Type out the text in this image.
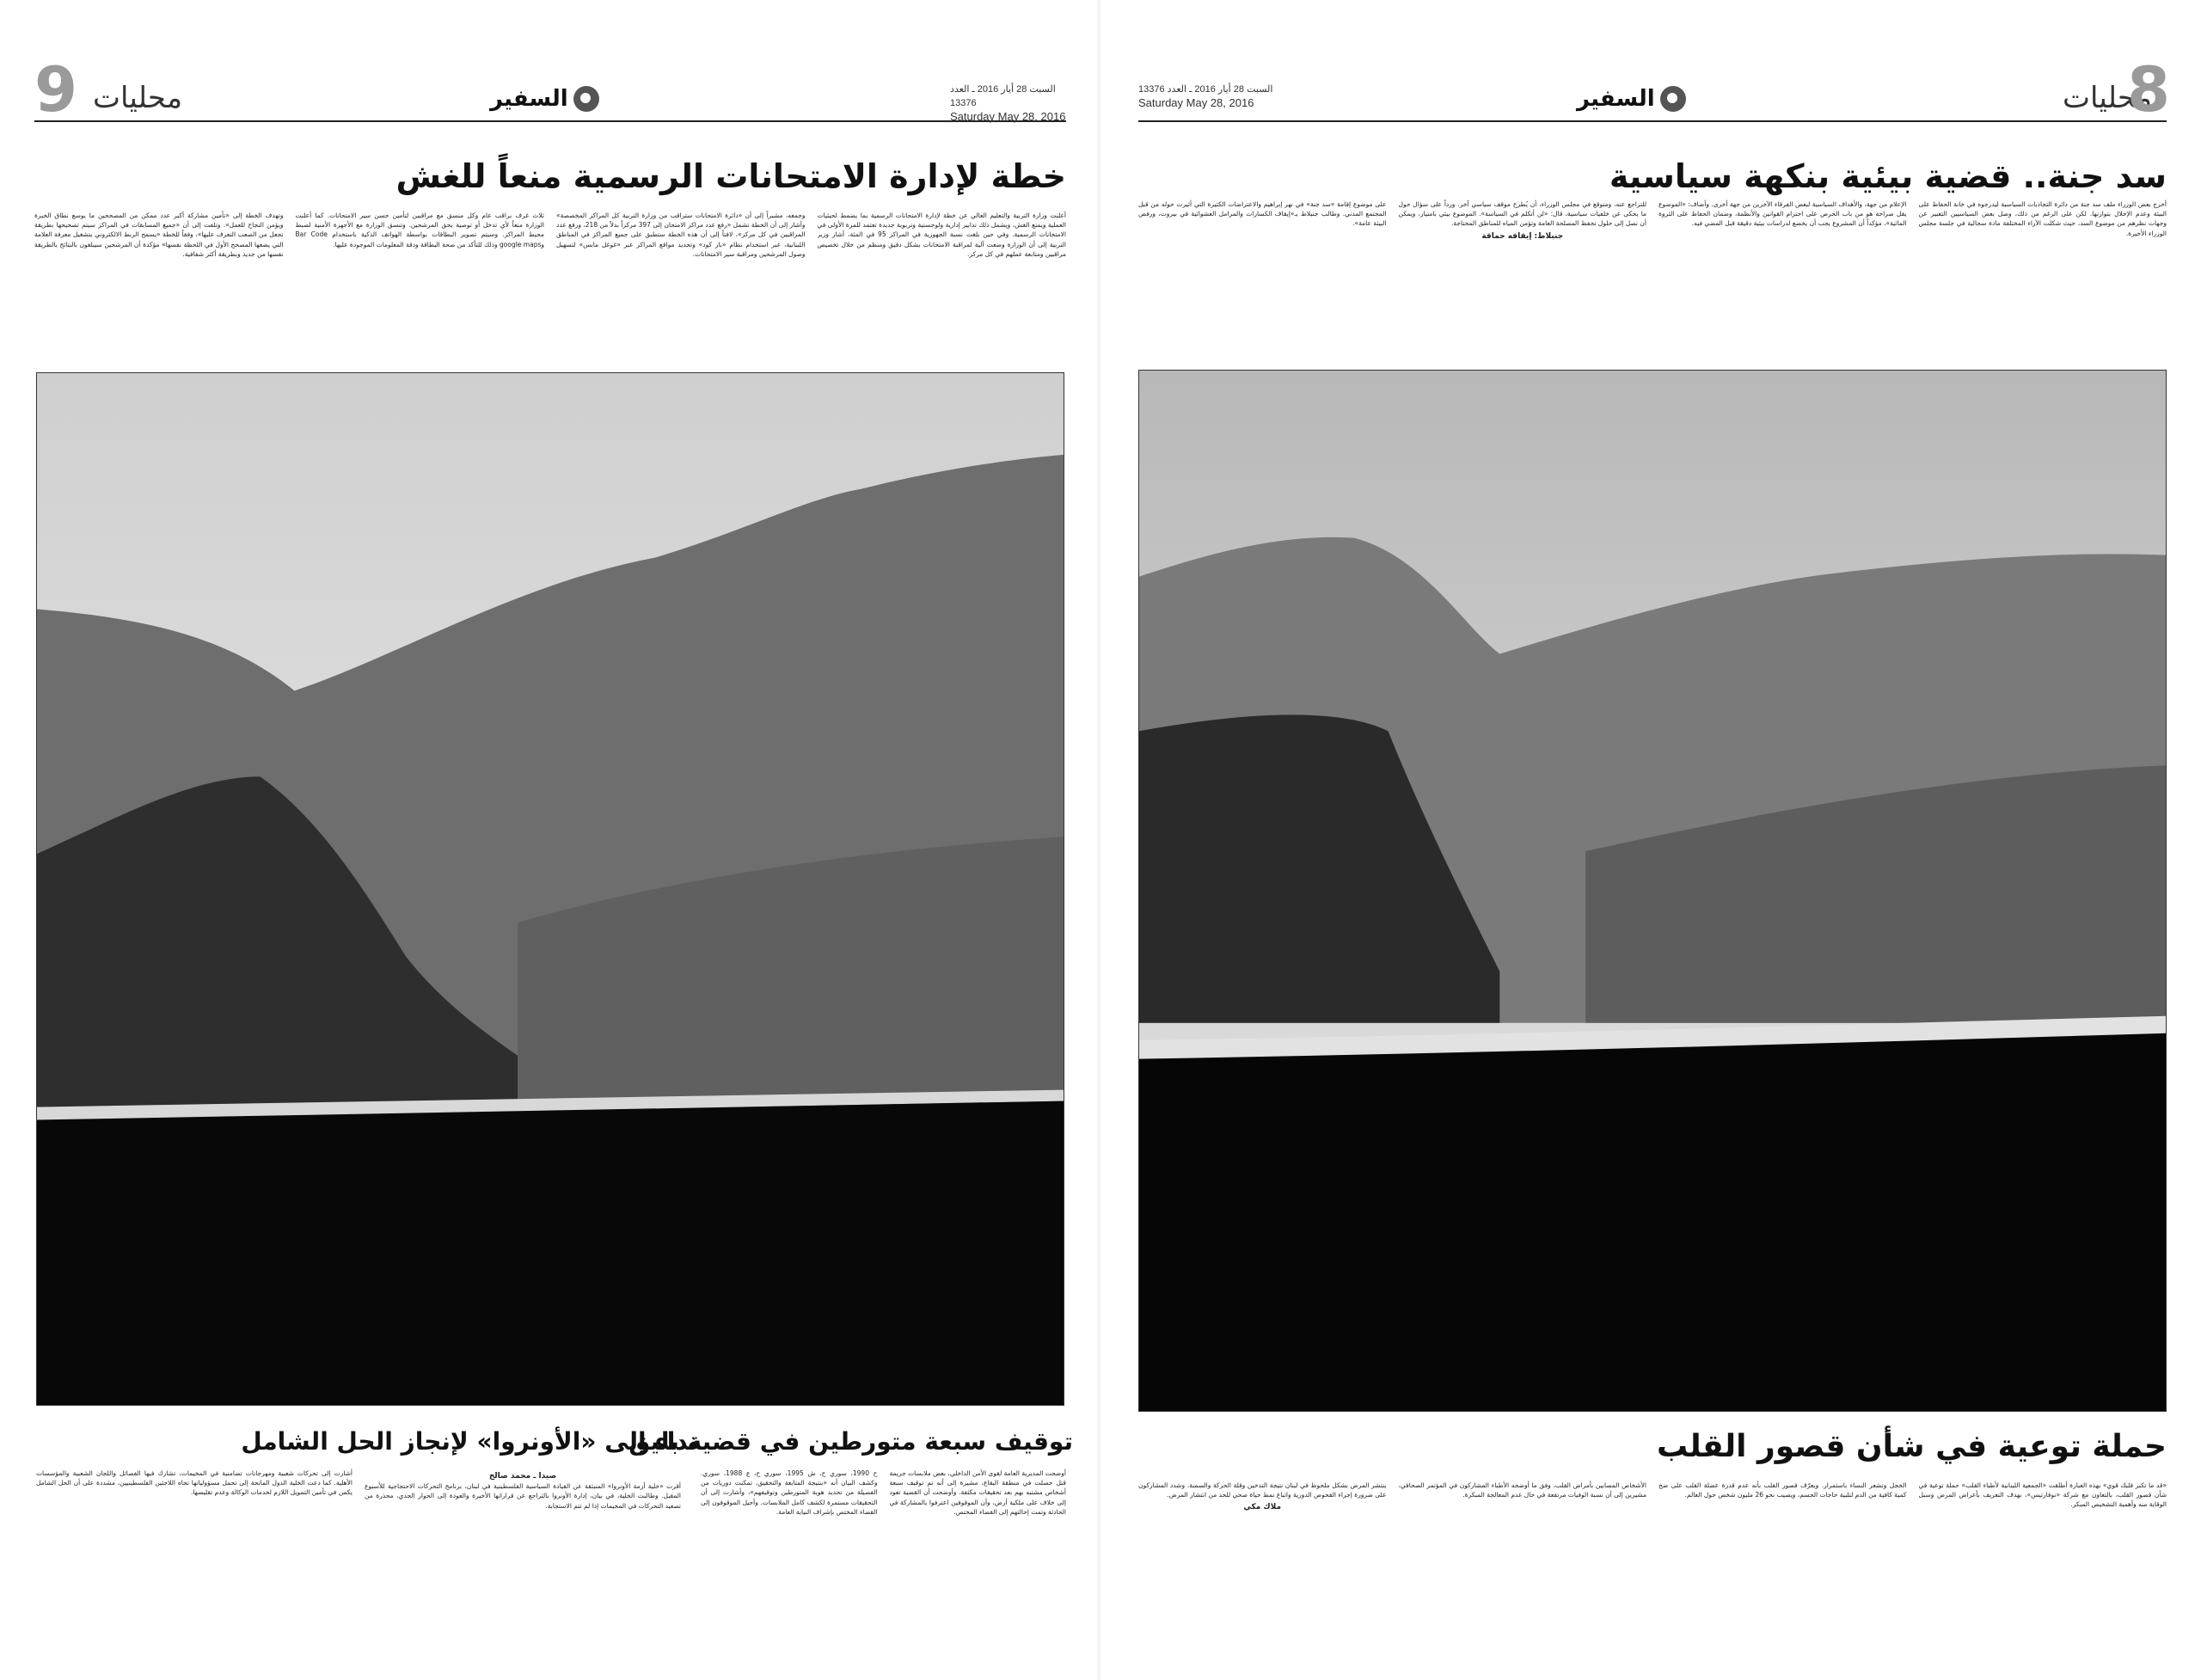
9 محليات	السفير	السبت 28 أيار 2016 ـ العدد 13376
Saturday May 28, 2016
خطة لإدارة الامتحانات الرسمية منعاً للغش
أعلنت وزارة التربية والتعليم العالي عن خطة لإدارة الامتحانات الرسمية بما يضمط لحيثيات العملية ويمنع الغش، ويشمل ذلك تدابير إدارية ولوجستية وتربوية جديدة تعتمد للمرة الأولى في الامتحانات الرسمية. وفي حين بلغت نسبة الجهوزية في المراكز 95 في المئة، أشار وزير التربية إلى أن الوزارة وضعت آلية لمراقبة الامتحانات بشكل دقيق ومنظم من خلال تخصيص مراقبين ومتابعة عملهم في كل مركز.
وجمعه، مشيراً إلى أن «دائرة الامتحانات ستراقب من وزارة التربية كل المراكز المخصصة» وأشار إلى أن الخطة تشمل «رفع عدد مراكز الامتحان إلى 397 مركزاً بدلاً من 218، ورفع عدد المراقبين في كل مركز»، لافتاً إلى أن هذه الخطة ستطبق على جميع المراكز في المناطق اللبنانية، عبر استخدام نظام «بار كود» وتحديد مواقع المراكز عبر «غوغل مابس» لتسهيل وصول المرشحين ومراقبة سير الامتحانات.
ثلاث غرف براقب عام وكل منسق مع مراقبين لتأمين حسن سير الامتحانات. كما أعلنت الوزارة منعاً لأي تدخل أو توصية بحق المرشحين. وتنسق الوزارة مع الأجهزة الأمنية لضبط محيط المراكز. وسيتم تصوير البطاقات بواسطة الهواتف الذكية باستخدام Bar Code وgoogle maps وذلك للتأكد من صحة البطاقة ودقة المعلومات الموجودة عليها.
وتهدف الخطة إلى «تأمين مشاركة أكبر عدد ممكن من المصححين ما يوسع نطاق الخبرة ويؤمن النجاح للعمل». وتلفت إلى أن «جميع المسابقات في المراكز سيتم تصحيحها بطريقة تجعل من الصعب التعرف عليها»، وفقاً للخطة «يسمح الربط الالكتروني بتشغيل معرفة العلامة التي يضعها المصحح الأول في اللحظة نفسها» مؤكدة أن المرشحين سيبلغون بالنتائج بالطريقة نفسها من جديد وبطريقة أكثر شفافية.
توقيف سبعة متورطين في قضية بليق
أوضحت المديرية العامة لقوى الأمن الداخلي، بعض ملابسات جريمة قتل حصلت في منطقة البقاع، مشيرة إلى أنه تم توقيف سبعة أشخاص مشتبه بهم بعد تحقيقات مكثفة. وأوضحت أن القضية تعود إلى خلاف على ملكية أرض، وأن الموقوفين اعترفوا بالمشاركة في الحادثة وتمت إحالتهم إلى القضاء المختص.
ح 1990، سوري ح، ش 1995، سوري ح، ع 1988، سوري. وكشف البيان أنه «بنتيجة المتابعة والتحقيق، تمكنت دوريات من الفصيلة من تحديد هوية المتورطين وتوقيفهم»، وأشارت إلى أن التحقيقات مستمرة لكشف كامل الملابسات. وأحيل الموقوفون إلى القضاء المختص بإشراف النيابة العامة.
نداء إلى «الأونروا» لإنجاز الحل الشامل
صيدا ـ محمد صالح
أقرت «خلية أزمة الأونروا» المنبثقة عن القيادة السياسية الفلسطينية في لبنان، برنامج التحركات الاحتجاجية للأسبوع المقبل. وطالبت الخلية، في بيان، إدارة الأونروا بالتراجع عن قراراتها الأخيرة والعودة إلى الحوار الجدي، محذرة من تصعيد التحركات في المخيمات إذا لم تتم الاستجابة.
أشارت إلى تحركات شعبية ومهرجانات تضامنية في المخيمات، تشارك فيها الفصائل واللجان الشعبية والمؤسسات الأهلية. كما دعت الخلية الدول المانحة إلى تحمل مسؤولياتها تجاه اللاجئين الفلسطينيين، مشددة على أن الحل الشامل يكمن في تأمين التمويل اللازم لخدمات الوكالة وعدم تقليصها.
السبت 28 أيار 2016 ـ العدد 13376
Saturday May 28, 2016	السفير	محليات
8
سد جنة.. قضية بيئية بنكهة سياسية
أخرج بعض الوزراء ملف سد جنة من دائرة التجاذبات السياسية ليدرجوه في خانة الحفاظ على البيئة وعدم الإخلال بتوازنها. لكن على الرغم من ذلك، وصل بعض السياسيين التعبير عن وجهات نظرهم من موضوع السد، حيث شكلت الآراء المختلفة مادة سجالية في جلسة مجلس الوزراء الأخيرة.
الإعلام من جهة، والأهداف السياسية لبعض الفرقاء الآخرين من جهة أخرى. وأضاف: «الموضوع يقل صراحة هو من باب الحرص على احترام القوانين والأنظمة، وضمان الحفاظ على الثروة المائية»، مؤكداً أن المشروع يجب أن يخضع لدراسات بيئية دقيقة قبل المضي فيه.
للتراجع عنه، ومتوقع في مجلس الوزراء، أن يُطرح موقف سياسي آخر. ورداً على سؤال حول ما يحكى عن خلفيات سياسية، قال: «لن أتكلم في السياسة». الموضوع بيئي بامتياز، ويمكن أن نصل إلى حلول تحفظ المصلحة العامة وتؤمن المياه للمناطق المحتاجة.
جنبلاط: إيقافه حماقة
على موضوع إقامة «سد جنة» في نهر إبراهيم والاعتراضات الكثيرة التي أثيرت حوله من قبل المجتمع المدني. وطالب جنبلاط بـ«إيقاف الكسارات والمرامل العشوائية في بيروت، ورفض البيئة عامة».
حملة توعية في شأن قصور القلب
«قد ما تكبر قلبك قوي» بهذه العبارة أطلقت «الجمعية اللبنانية لأطباء القلب» حملة توعية في شأن قصور القلب، بالتعاون مع شركة «نوفارتيس»، بهدف التعريف بأعراض المرض وسبل الوقاية منه وأهمية التشخيص المبكر.
الخجل وتشعر النساء باستمرار. ويعرّف قصور القلب بأنه عدم قدرة عضلة القلب على ضخ كمية كافية من الدم لتلبية حاجات الجسم، ويصيب نحو 26 مليون شخص حول العالم.
الأشخاص المصابين بأمراض القلب، وفق ما أوضحه الأطباء المشاركون في المؤتمر الصحافي، مشيرين إلى أن نسبة الوفيات مرتفعة في حال عدم المعالجة المبكرة.
ينتشر المرض بشكل ملحوظ في لبنان نتيجة التدخين وقلة الحركة والسمنة. وشدد المشاركون على ضرورة إجراء الفحوص الدورية واتباع نمط حياة صحي للحد من انتشار المرض.
ملاك مكي
